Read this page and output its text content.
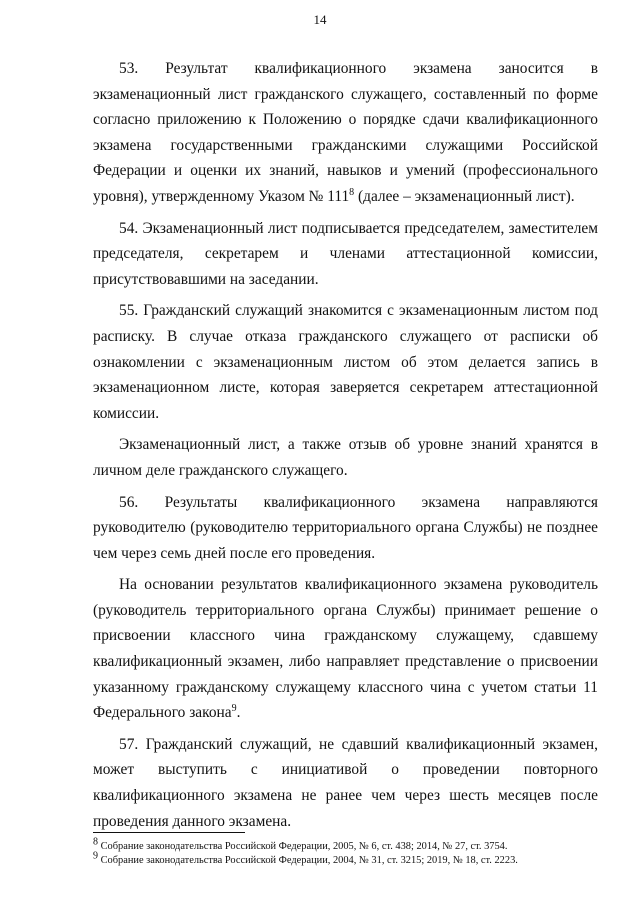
14

53. Результат квалификационного экзамена заносится в экзаменационный лист гражданского служащего, составленный по форме согласно приложению к Положению о порядке сдачи квалификационного экзамена государственными гражданскими служащими Российской Федерации и оценки их знаний, навыков и умений (профессионального уровня), утвержденному Указом № $111^8$ (далее – экзаменационный лист).

54. Экзаменационный лист подписывается председателем, заместителем председателя, секретарем и членами аттестационной комиссии, присутствовавшими на заседании.

55. Гражданский служащий знакомится с экзаменационным листом под расписку. В случае отказа гражданского служащего от расписки об ознакомлении с экзаменационным листом об этом делается запись в экзаменационном листе, которая заверяется секретарем аттестационной комиссии.

Экзаменационный лист, а также отзыв об уровне знаний хранятся в личном деле гражданского служащего.

56. Результаты квалификационного экзамена направляются руководителю (руководителю территориального органа Службы) не позднее чем через семь дней после его проведения.

На основании результатов квалификационного экзамена руководитель (руководитель территориального органа Службы) принимает решение о присвоении классного чина гражданскому служащему, сдавшему квалификационный экзамен, либо направляет представление о присвоении указанному гражданскому служащему классного чина с учетом статьи 11 Федерального закона$^9$.

57. Гражданский служащий, не сдавший квалификационный экзамен, может выступить с инициативой о проведении повторного квалификационного экзамена не ранее чем через шесть месяцев после проведения данного экзамена.

$^8$ Собрание законодательства Российской Федерации, 2005, № 6, ст. 438; 2014, № 27, ст. 3754.

$^9$ Собрание законодательства Российской Федерации, 2004, № 31, ст. 3215; 2019, № 18, ст. 2223.
